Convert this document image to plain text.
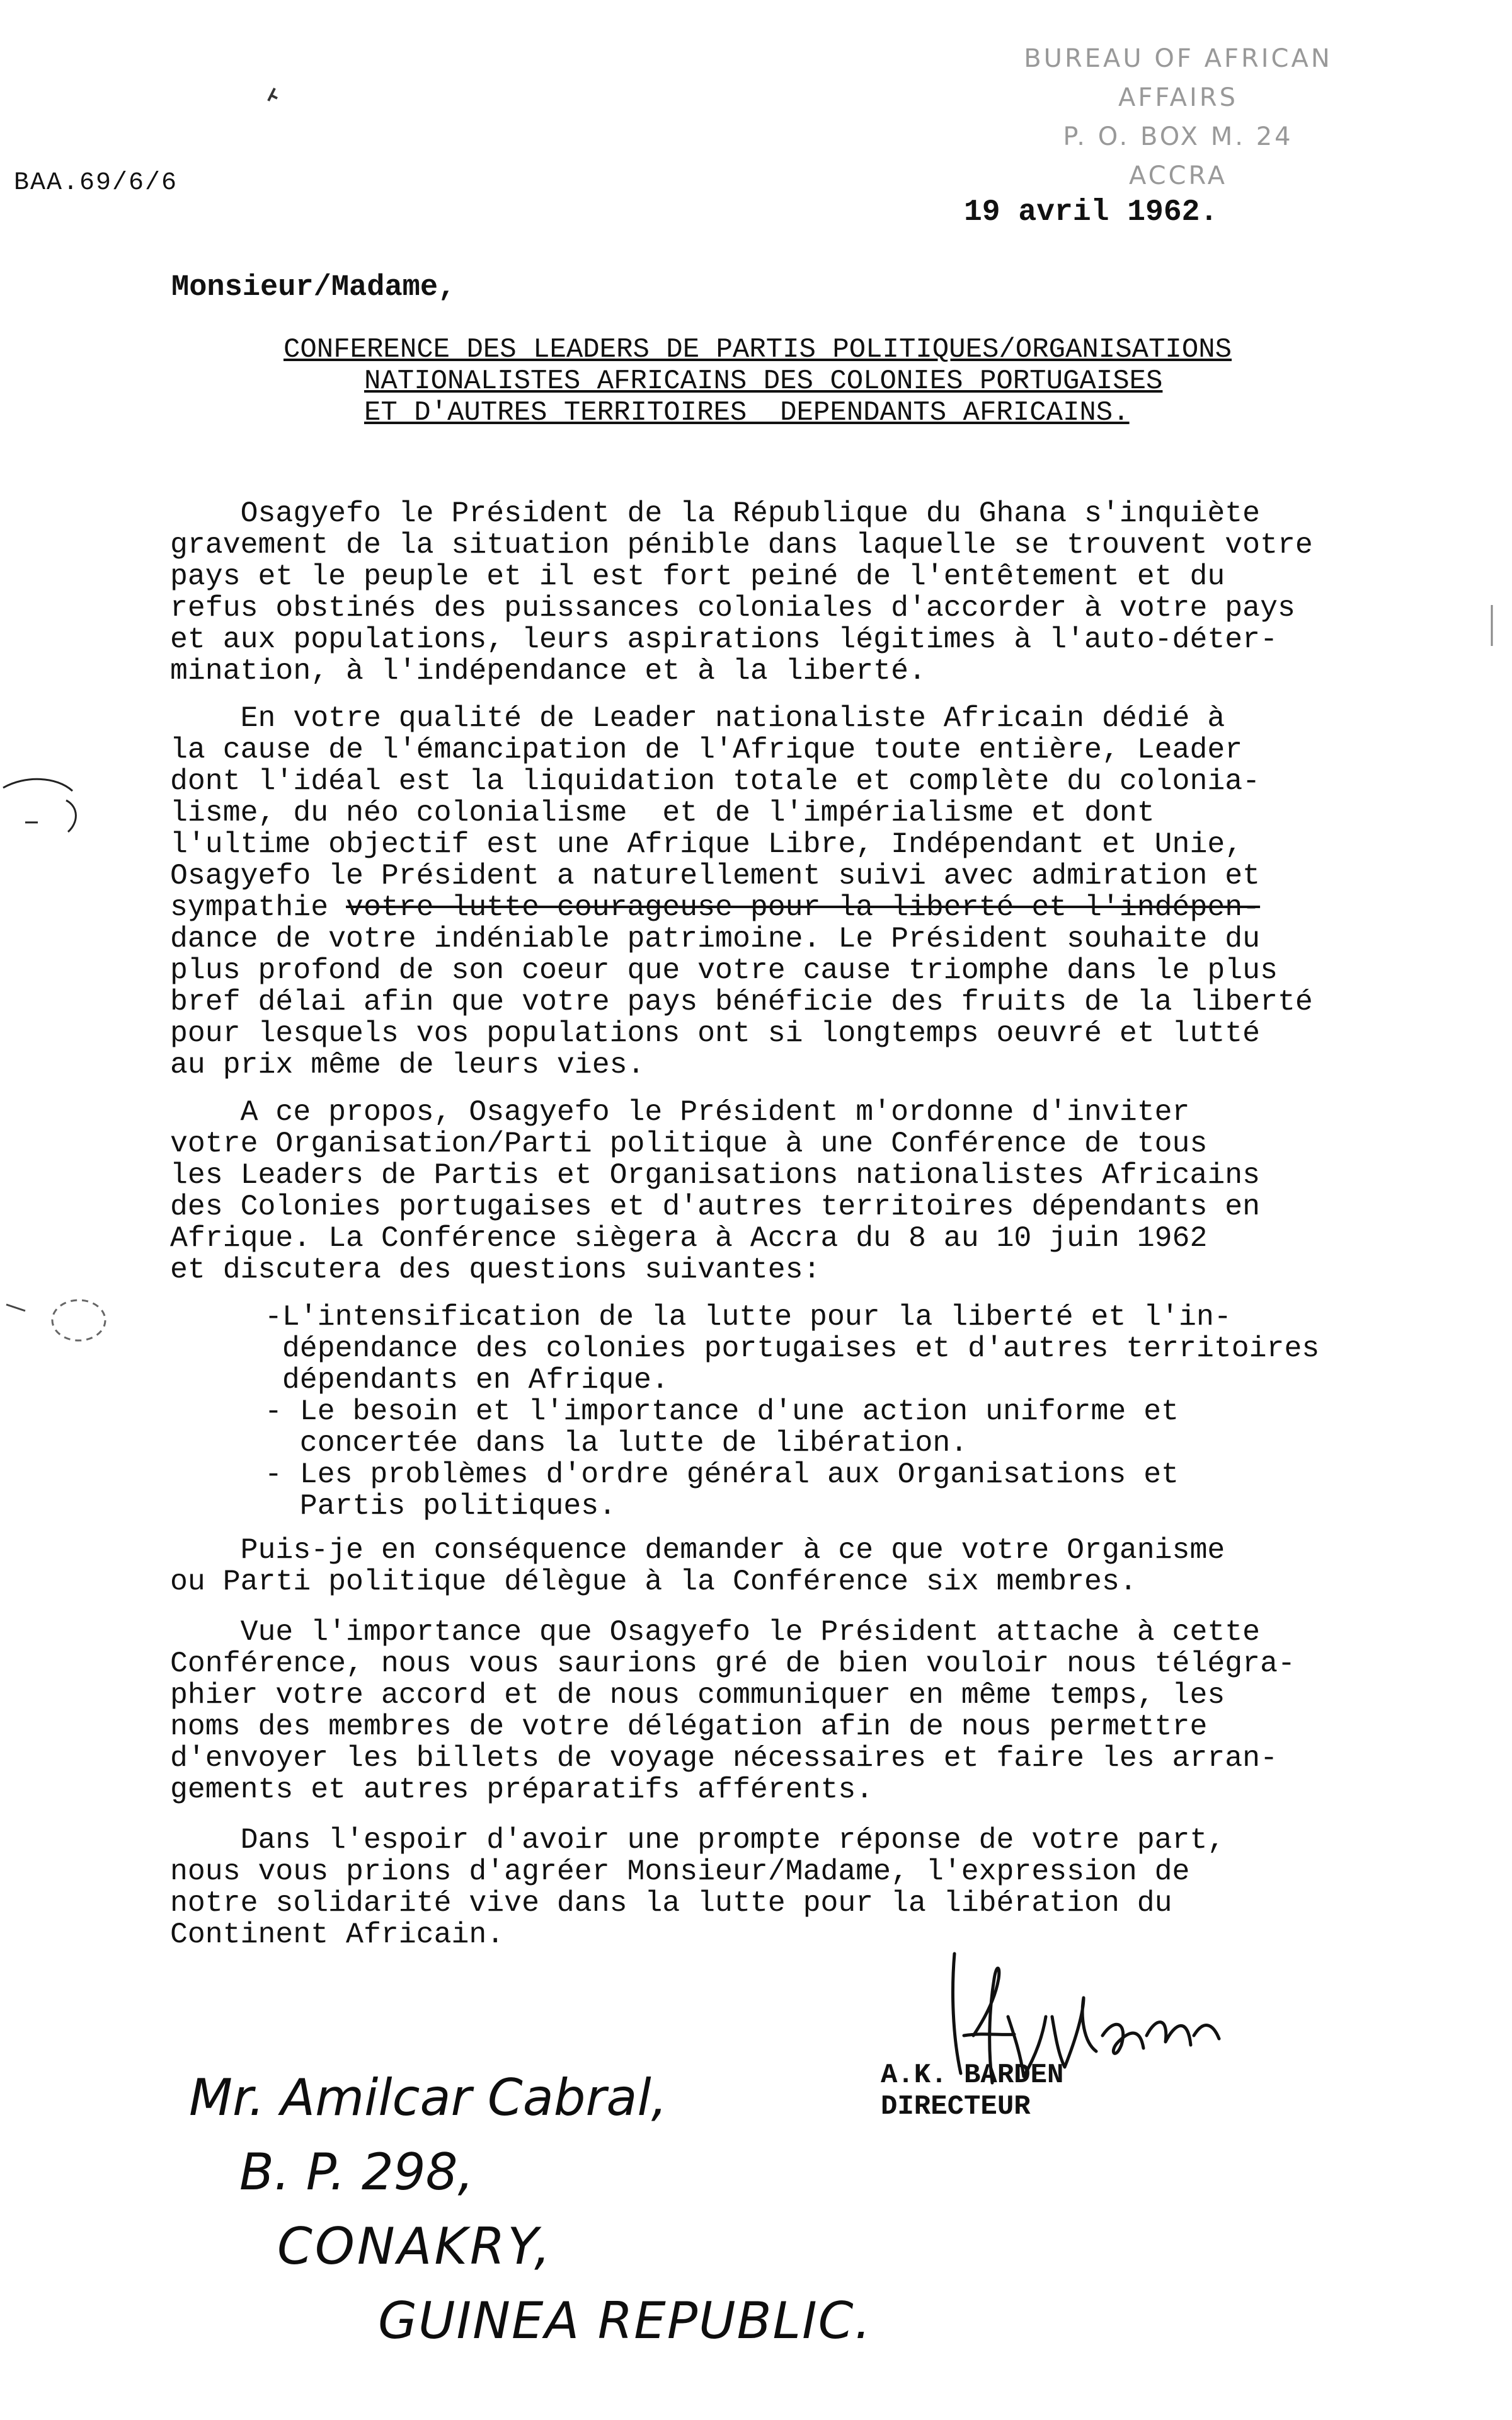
BAA.69/6/6
BUREAU OF AFRICAN AFFAIRS
P. O. BOX M. 24
ACCRA
19 avril 1962.
Monsieur/Madame,
CONFERENCE DES LEADERS DE PARTIS POLITIQUES/ORGANISATIONS
NATIONALISTES AFRICAINS DES COLONIES PORTUGAISES
ET D'AUTRES TERRITOIRES  DEPENDANTS AFRICAINS.
Osagyefo le Président de la République du Ghana s'inquiète
gravement de la situation pénible dans laquelle se trouvent votre
pays et le peuple et il est fort peiné de l'entêtement et du
refus obstinés des puissances coloniales d'accorder à votre pays
et aux populations, leurs aspirations légitimes à l'auto-déter-
mination, à l'indépendance et à la liberté.
En votre qualité de Leader nationaliste Africain dédié à
la cause de l'émancipation de l'Afrique toute entière, Leader
dont l'idéal est la liquidation totale et complète du colonia-
lisme, du néo colonialisme  et de l'impérialisme et dont
l'ultime objectif est une Afrique Libre, Indépendant et Unie,
Osagyefo le Président a naturellement suivi avec admiration et
sympathie votre lutte courageuse pour la liberté et l'indépen-
dance de votre indéniable patrimoine. Le Président souhaite du
plus profond de son coeur que votre cause triomphe dans le plus
bref délai afin que votre pays bénéficie des fruits de la liberté
pour lesquels vos populations ont si longtemps oeuvré et lutté
au prix même de leurs vies.
A ce propos, Osagyefo le Président m'ordonne d'inviter
votre Organisation/Parti politique à une Conférence de tous
les Leaders de Partis et Organisations nationalistes Africains
des Colonies portugaises et d'autres territoires dépendants en
Afrique. La Conférence siègera à Accra du 8 au 10 juin 1962
et discutera des questions suivantes:
-L'intensification de la lutte pour la liberté et l'in-
dépendance des colonies portugaises et d'autres territoires
dépendants en Afrique.
- Le besoin et l'importance d'une action uniforme et
concertée dans la lutte de libération.
- Les problèmes d'ordre général aux Organisations et
Partis politiques.
Puis-je en conséquence demander à ce que votre Organisme
ou Parti politique délègue à la Conférence six membres.
Vue l'importance que Osagyefo le Président attache à cette
Conférence, nous vous saurions gré de bien vouloir nous télégra-
phier votre accord et de nous communiquer en même temps, les
noms des membres de votre délégation afin de nous permettre
d'envoyer les billets de voyage nécessaires et faire les arran-
gements et autres préparatifs afférents.
Dans l'espoir d'avoir une prompte réponse de votre part,
nous vous prions d'agréer Monsieur/Madame, l'expression de
notre solidarité vive dans la lutte pour la libération du
Continent Africain.
A.K. BARDEN
DIRECTEUR
Mr. Amilcar Cabral,
B. P. 298,
CONAKRY,
GUINEA REPUBLIC.
